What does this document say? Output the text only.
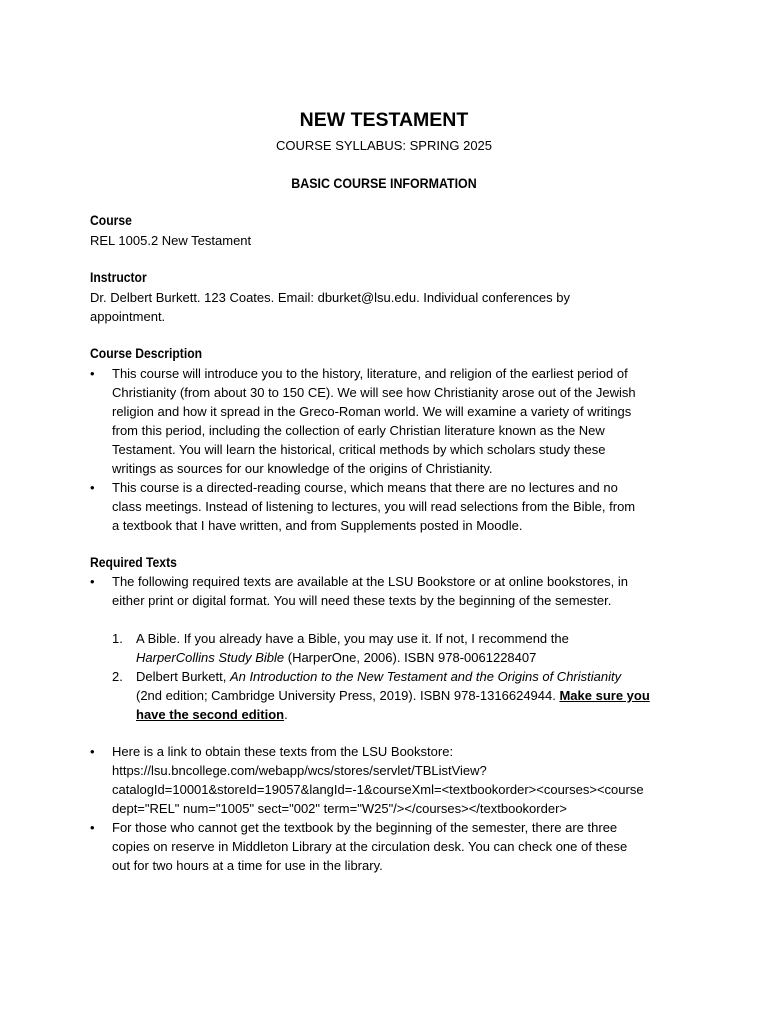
NEW TESTAMENT
COURSE SYLLABUS: SPRING 2025
BASIC COURSE INFORMATION
Course
REL 1005.2 New Testament
Instructor
Dr. Delbert Burkett. 123 Coates. Email: dburket@lsu.edu. Individual conferences by
appointment.
Course Description
•	This course will introduce you to the history, literature, and religion of the earliest period of
Christianity (from about 30 to 150 CE). We will see how Christianity arose out of the Jewish
religion and how it spread in the Greco-Roman world. We will examine a variety of writings
from this period, including the collection of early Christian literature known as the New
Testament. You will learn the historical, critical methods by which scholars study these
writings as sources for our knowledge of the origins of Christianity.
•	This course is a directed-reading course, which means that there are no lectures and no
class meetings. Instead of listening to lectures, you will read selections from the Bible, from
a textbook that I have written, and from Supplements posted in Moodle.
Required Texts
•	The following required texts are available at the LSU Bookstore or at online bookstores, in
either print or digital format. You will need these texts by the beginning of the semester.
1.	A Bible. If you already have a Bible, you may use it. If not, I recommend the
HarperCollins Study Bible (HarperOne, 2006). ISBN 978-0061228407
2.	Delbert Burkett, An Introduction to the New Testament and the Origins of Christianity
(2nd edition; Cambridge University Press, 2019). ISBN 978-1316624944. Make sure you
have the second edition.
•	Here is a link to obtain these texts from the LSU Bookstore:
https://lsu.bncollege.com/webapp/wcs/stores/servlet/TBListView?
catalogId=10001&storeId=19057&langId=-1&courseXml=<textbookorder><courses><course
dept="REL" num="1005" sect="002" term="W25"/></courses></textbookorder>
•	For those who cannot get the textbook by the beginning of the semester, there are three
copies on reserve in Middleton Library at the circulation desk. You can check one of these
out for two hours at a time for use in the library.
